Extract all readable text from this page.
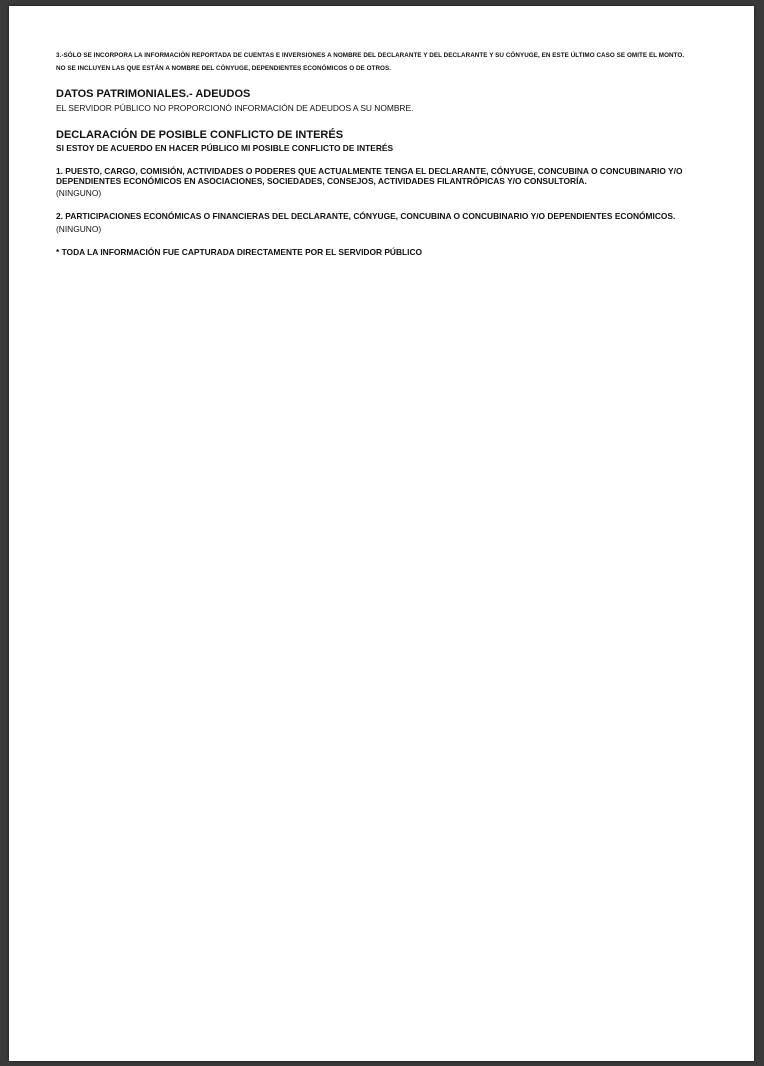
3.-SÓLO SE INCORPORA LA INFORMACIÓN REPORTADA DE CUENTAS E INVERSIONES A NOMBRE DEL DECLARANTE Y DEL DECLARANTE Y SU CÓNYUGE, EN ESTE ÚLTIMO CASO SE OMITE EL MONTO.

NO SE INCLUYEN LAS QUE ESTÁN A NOMBRE DEL CÓNYUGE, DEPENDIENTES ECONÓMICOS O DE OTROS.

DATOS PATRIMONIALES.- ADEUDOS

EL SERVIDOR PÚBLICO NO PROPORCIONÓ INFORMACIÓN DE ADEUDOS A SU NOMBRE.

DECLARACIÓN DE POSIBLE CONFLICTO DE INTERÉS

SI ESTOY DE ACUERDO EN HACER PÚBLICO MI POSIBLE CONFLICTO DE INTERÉS

1. PUESTO, CARGO, COMISIÓN, ACTIVIDADES O PODERES QUE ACTUALMENTE TENGA EL DECLARANTE, CÓNYUGE, CONCUBINA O CONCUBINARIO Y/O DEPENDIENTES ECONÓMICOS EN ASOCIACIONES, SOCIEDADES, CONSEJOS, ACTIVIDADES FILANTRÓPICAS Y/O CONSULTORÍA.

(NINGUNO)

2. PARTICIPACIONES ECONÓMICAS O FINANCIERAS DEL DECLARANTE, CÓNYUGE, CONCUBINA O CONCUBINARIO Y/O DEPENDIENTES ECONÓMICOS.

(NINGUNO)

* TODA LA INFORMACIÓN FUE CAPTURADA DIRECTAMENTE POR EL SERVIDOR PÚBLICO
